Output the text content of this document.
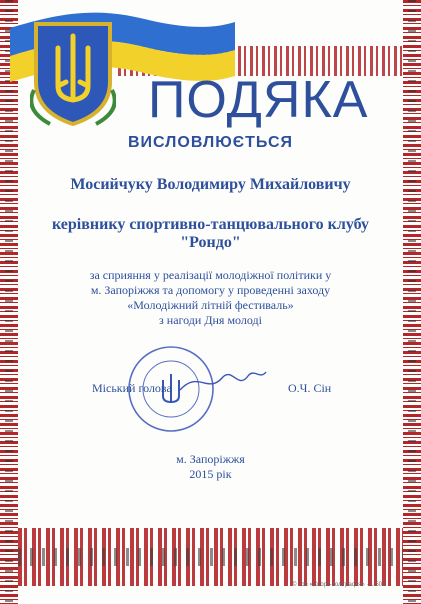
ПОДЯКА
ВИСЛОВЛЮЄТЬСЯ
Мосийчуку Володимиру Михайловичу
керівнику спортивно-танцювального клубу
"Рондо"
за сприяння у реалізації молодіжної політики у
м. Запоріжжя та допомогу у проведенні заходу
«Молодіжний літній фестиваль»
з нагоди Дня молоді
Міський голова	О.Ч. Сін
м. Запоріжжя
2015 рік
© Тов «Спорт-поліграфія» · 1-503
